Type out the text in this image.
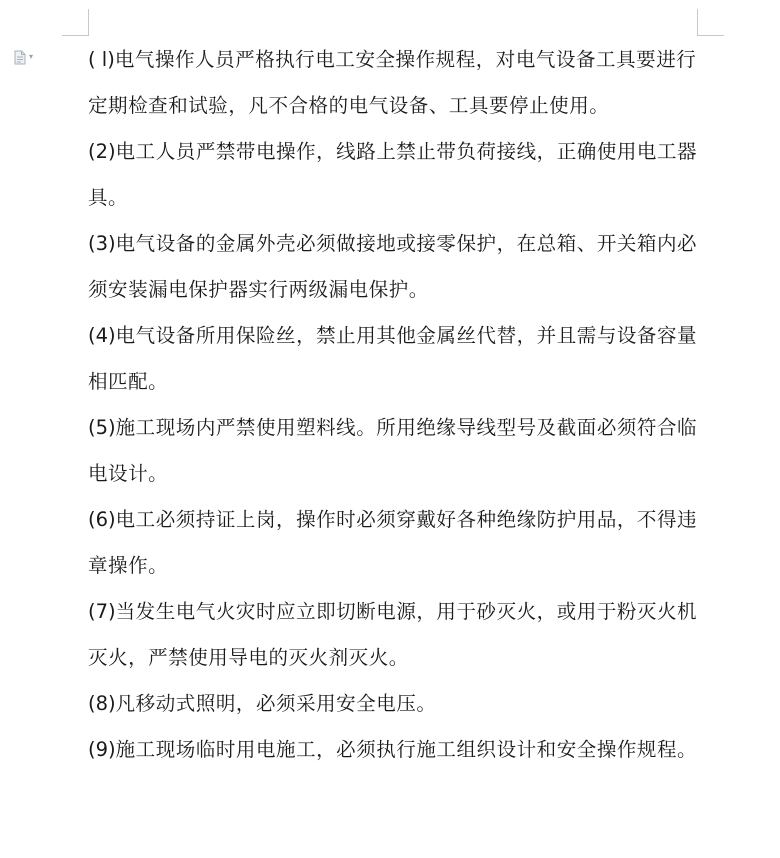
▾	( l)电气操作人员严格执行电工安全操作规程，对电气设备工具要进行定期检查和试验，凡不合格的电气设备、工具要停止使用。

(2)电工人员严禁带电操作，线路上禁止带负荷接线，正确使用电工器具。

(3)电气设备的金属外壳必须做接地或接零保护，在总箱、开关箱内必须安装漏电保护器实行两级漏电保护。

(4)电气设备所用保险丝，禁止用其他金属丝代替，并且需与设备容量相匹配。

(5)施工现场内严禁使用塑料线。所用绝缘导线型号及截面必须符合临电设计。

(6)电工必须持证上岗，操作时必须穿戴好各种绝缘防护用品，不得违章操作。

(7)当发生电气火灾时应立即切断电源，用于砂灭火，或用于粉灭火机灭火，严禁使用导电的灭火剂灭火。

(8)凡移动式照明，必须采用安全电压。

(9)施工现场临时用电施工，必须执行施工组织设计和安全操作规程。
